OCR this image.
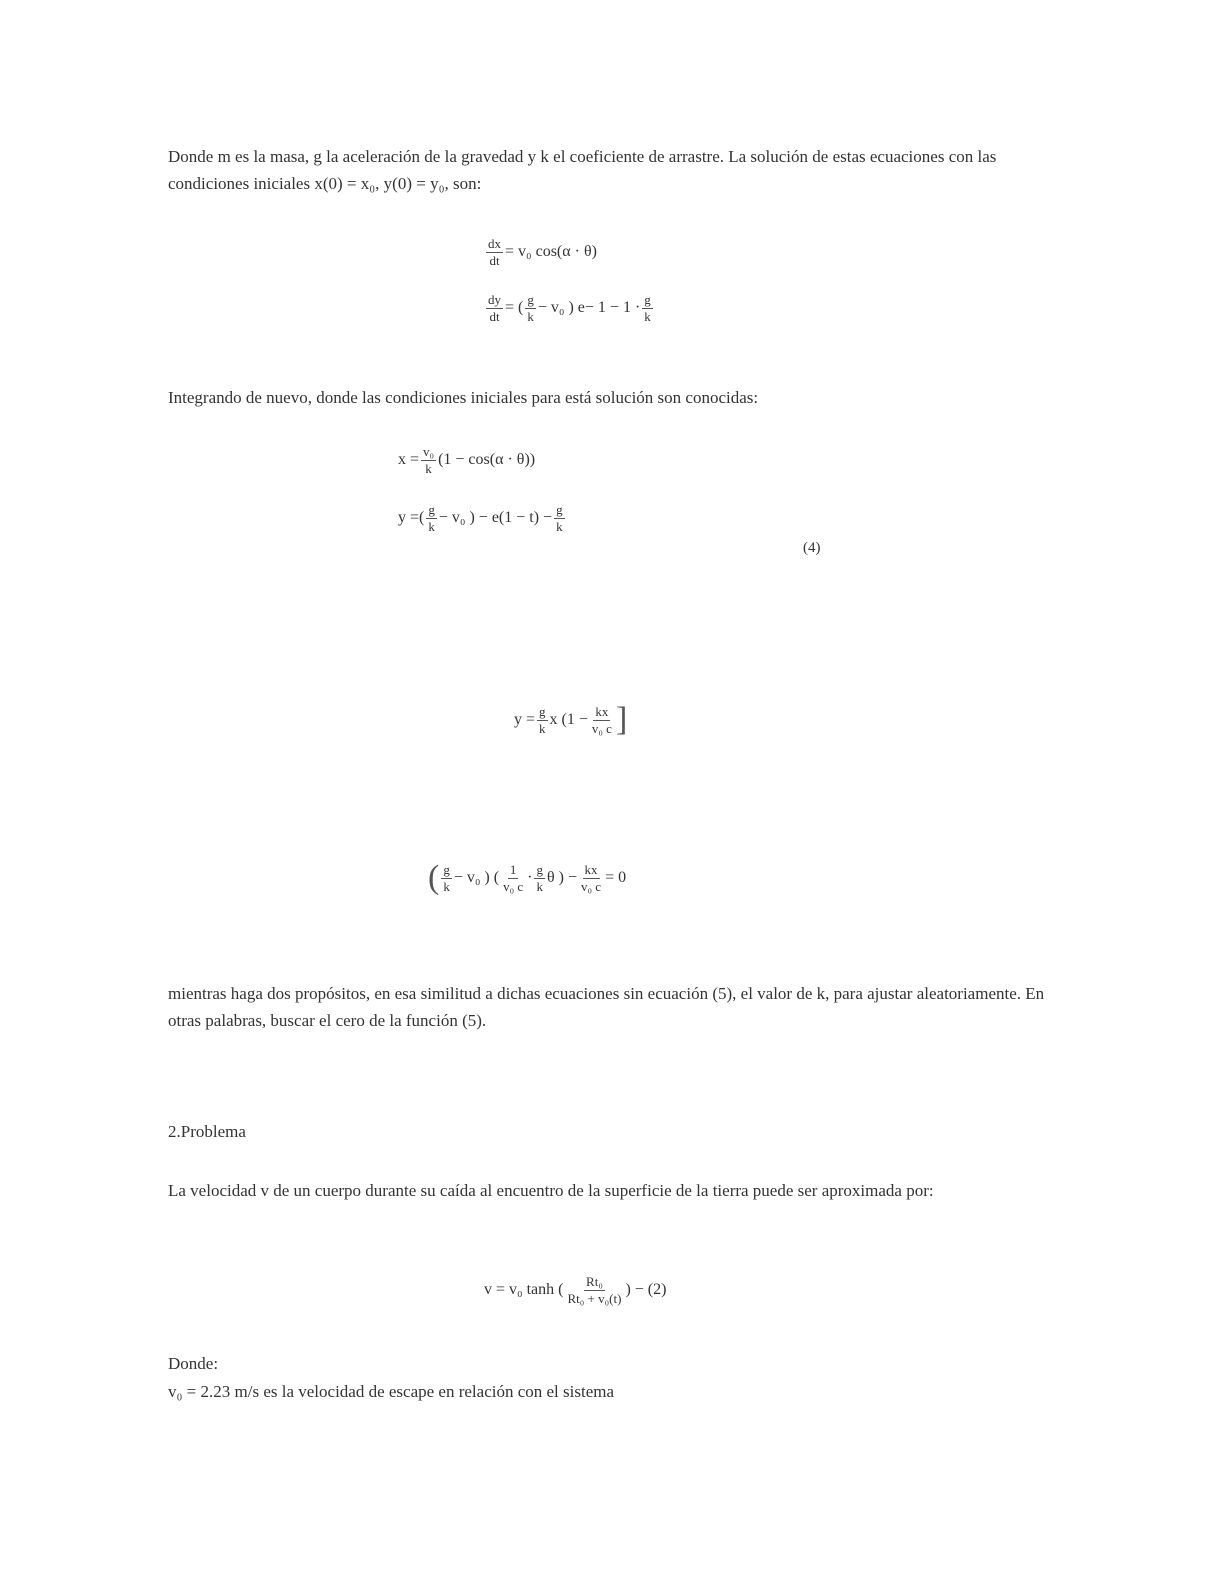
Donde m es la masa, g la aceleración de la gravedad y k el coeficiente de arrastre. La solución de estas ecuaciones con las condiciones iniciales x(0) = x₀, y(0) = y₀, son:
$\frac{dx}{dt} = v_0$ cos(α · θ)
$\frac{dy}{dt}$ = ( $\frac{g}{k} - v_0$ ) $e - 1 - 1 \cdot \frac{g}{k}$
Integrando de nuevo, donde las condiciones iniciales para está solución son conocidas:
$x = \frac{\text{v₀}}{k} (1 - \cos(\alpha \cdot \theta))$
y = ( $\frac{g}{k} - v_0$ ) − e $(1 - t) - \frac{g}{k}$
(4)
$y = \frac{g}{k}$ x ( $1 - \frac{kx}{\text{v₀ c}}$ ]
( $\frac{g}{k} - v_0$ ) ( $\frac{1}{\text{v₀ c}} \cdot \frac{g}{k}$ θ ) − $\frac{kx}{\text{v₀ c}} = 0$
mientras haga dos propósitos, en esa similitud a dichas ecuaciones sin ecuación (5), el valor de k, para ajustar aleatoriamente. En otras palabras, buscar el cero de la función (5).
2.Problema
La velocidad v de un cuerpo durante su caída al encuentro de la superficie de la tierra puede ser aproximada por:
v = v₀ tanh ( $\frac{\text{Rt₀}}{\text{Rt₀ + v₀(t)}}$ ) − (2)
Donde:
v₀ = 2.23 m/s es la velocidad de escape en relación con el sistema
